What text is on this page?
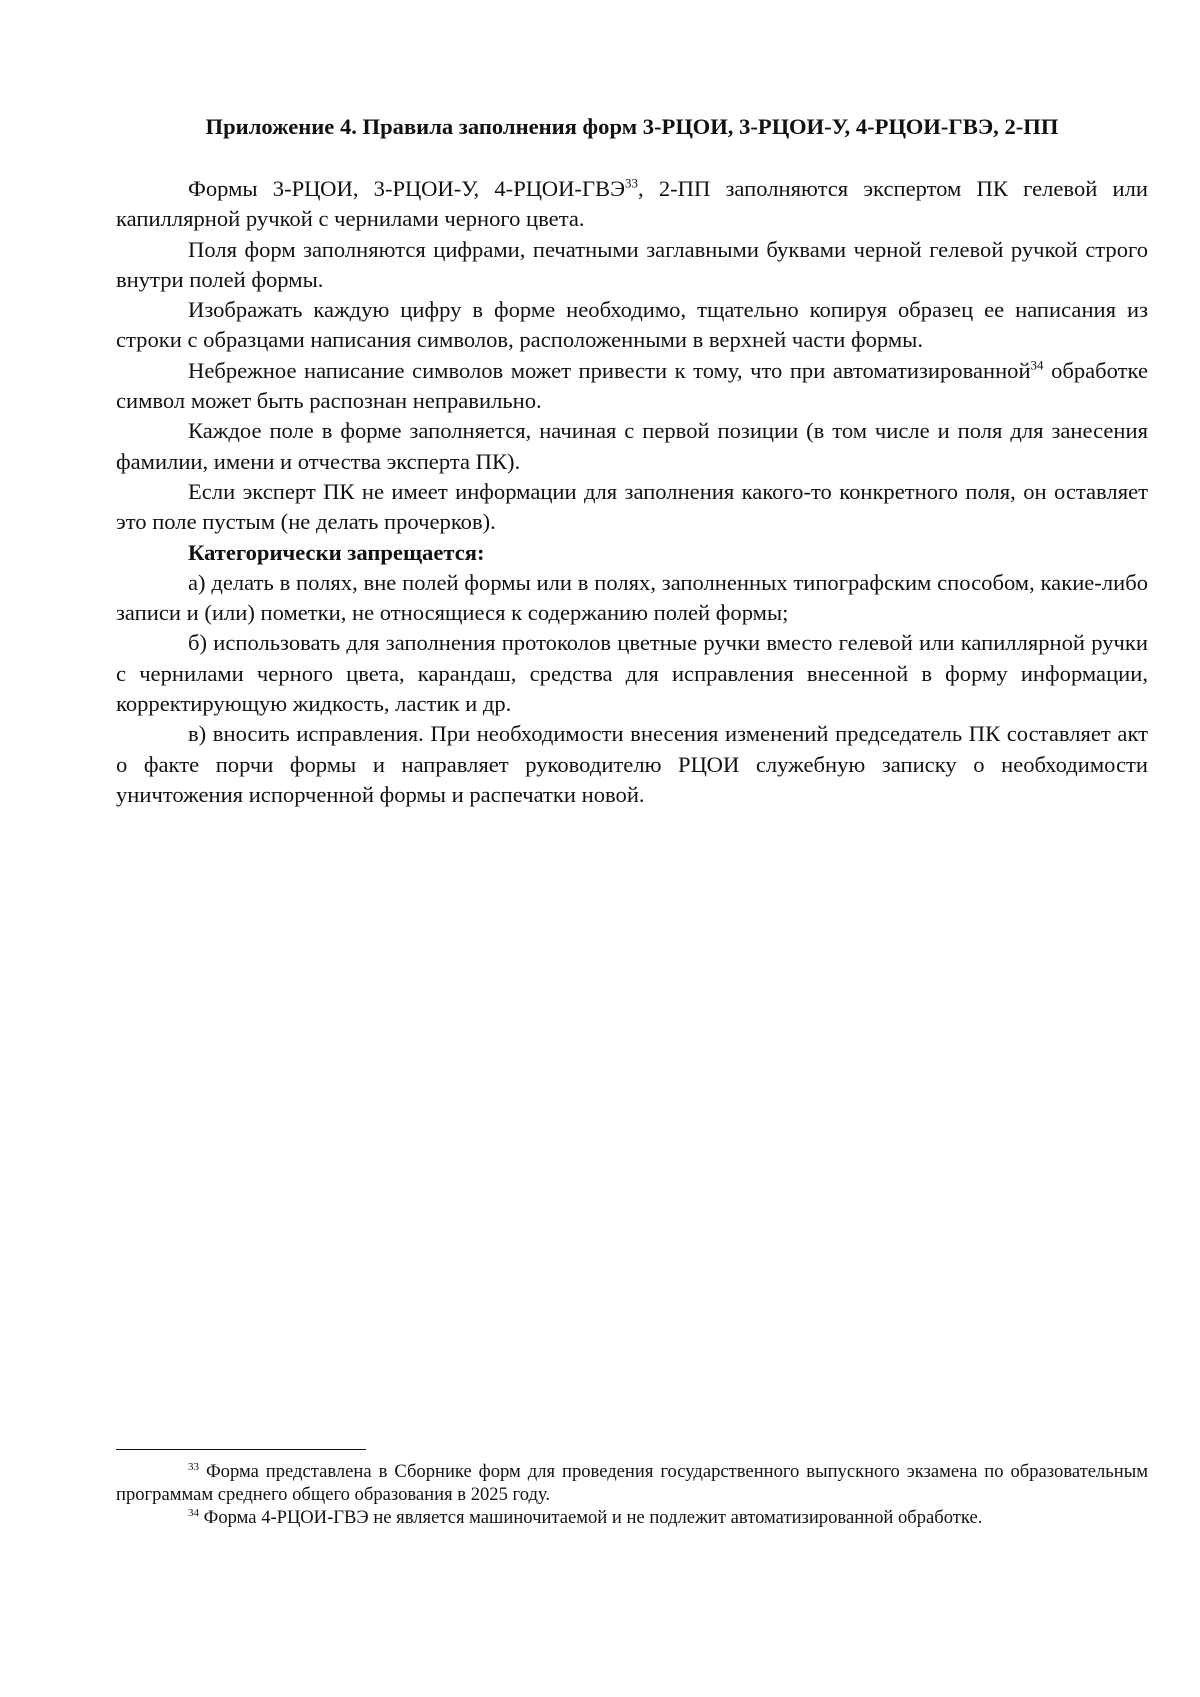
Приложение 4. Правила заполнения форм 3-РЦОИ, 3-РЦОИ-У, 4-РЦОИ-ГВЭ, 2-ПП

Формы 3-РЦОИ, 3-РЦОИ-У, 4-РЦОИ-ГВЭ$^{33}$, 2-ПП заполняются экспертом ПК гелевой или капиллярной ручкой с чернилами черного цвета.

Поля форм заполняются цифрами, печатными заглавными буквами черной гелевой ручкой строго внутри полей формы.

Изображать каждую цифру в форме необходимо, тщательно копируя образец ее написания из строки с образцами написания символов, расположенными в верхней части формы.

Небрежное написание символов может привести к тому, что при автоматизированной$^{34}$ обработке символ может быть распознан неправильно.

Каждое поле в форме заполняется, начиная с первой позиции (в том числе и поля для занесения фамилии, имени и отчества эксперта ПК).

Если эксперт ПК не имеет информации для заполнения какого-то конкретного поля, он оставляет это поле пустым (не делать прочерков).

Категорически запрещается:

а) делать в полях, вне полей формы или в полях, заполненных типографским способом, какие-либо записи и (или) пометки, не относящиеся к содержанию полей формы;

б) использовать для заполнения протоколов цветные ручки вместо гелевой или капиллярной ручки с чернилами черного цвета, карандаш, средства для исправления внесенной в форму информации, корректирующую жидкость, ластик и др.

в) вносить исправления. При необходимости внесения изменений председатель ПК составляет акт о факте порчи формы и направляет руководителю РЦОИ служебную записку о необходимости уничтожения испорченной формы и распечатки новой.

$^{33}$ Форма представлена в Сборнике форм для проведения государственного выпускного экзамена по образовательным программам среднего общего образования в 2025 году.

$^{34}$ Форма 4-РЦОИ-ГВЭ не является машиночитаемой и не подлежит автоматизированной обработке.
